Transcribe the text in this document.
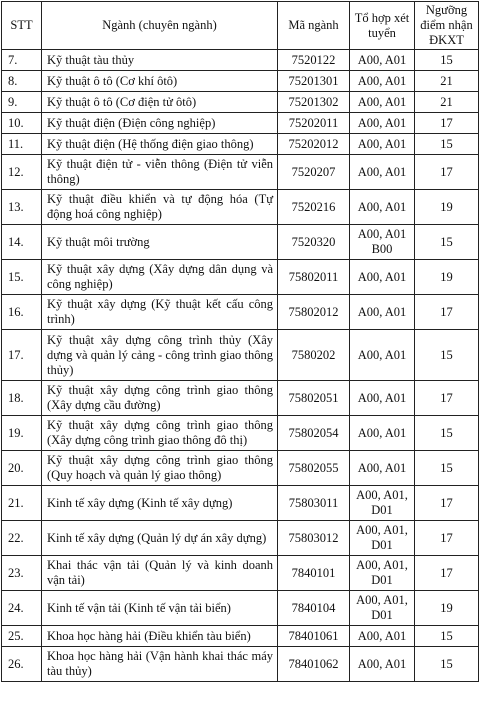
STT	Ngành (chuyên ngành)	Mã ngành	Tổ hợp xét tuyển	Ngưỡng điểm nhận ĐKXT
7.	Kỹ thuật tàu thủy	7520122	A00, A01	15
8.	Kỹ thuật ô tô (Cơ khí ôtô)	75201301	A00, A01	21
9.	Kỹ thuật ô tô (Cơ điện tử ôtô)	75201302	A00, A01	21
10.	Kỹ thuật điện (Điện công nghiệp)	75202011	A00, A01	17
11.	Kỹ thuật điện (Hệ thống điện giao thông)	75202012	A00, A01	15
12.	Kỹ thuật điện tử - viễn thông (Điện tử viễn thông)	7520207	A00, A01	17
13.	Kỹ thuật điều khiển và tự động hóa (Tự động hoá công nghiệp)	7520216	A00, A01	19
14.	Kỹ thuật môi trường	7520320	A00, A01 B00	15
15.	Kỹ thuật xây dựng (Xây dựng dân dụng và công nghiệp)	75802011	A00, A01	19
16.	Kỹ thuật xây dựng (Kỹ thuật kết cấu công trình)	75802012	A00, A01	17
17.	Kỹ thuật xây dựng công trình thủy (Xây dựng và quản lý cảng - công trình giao thông thủy)	7580202	A00, A01	15
18.	Kỹ thuật xây dựng công trình giao thông (Xây dựng cầu đường)	75802051	A00, A01	17
19.	Kỹ thuật xây dựng công trình giao thông (Xây dựng công trình giao thông đô thị)	75802054	A00, A01	15
20.	Kỹ thuật xây dựng công trình giao thông (Quy hoạch và quản lý giao thông)	75802055	A00, A01	15
21.	Kinh tế xây dựng (Kinh tế xây dựng)	75803011	A00, A01, D01	17
22.	Kinh tế xây dựng (Quản lý dự án xây dựng)	75803012	A00, A01, D01	17
23.	Khai thác vận tải (Quản lý và kinh doanh vận tải)	7840101	A00, A01, D01	17
24.	Kinh tế vận tải (Kinh tế vận tải biển)	7840104	A00, A01, D01	19
25.	Khoa học hàng hải (Điều khiển tàu biển)	78401061	A00, A01	15
26.	Khoa học hàng hải (Vận hành khai thác máy tàu thủy)	78401062	A00, A01	15
